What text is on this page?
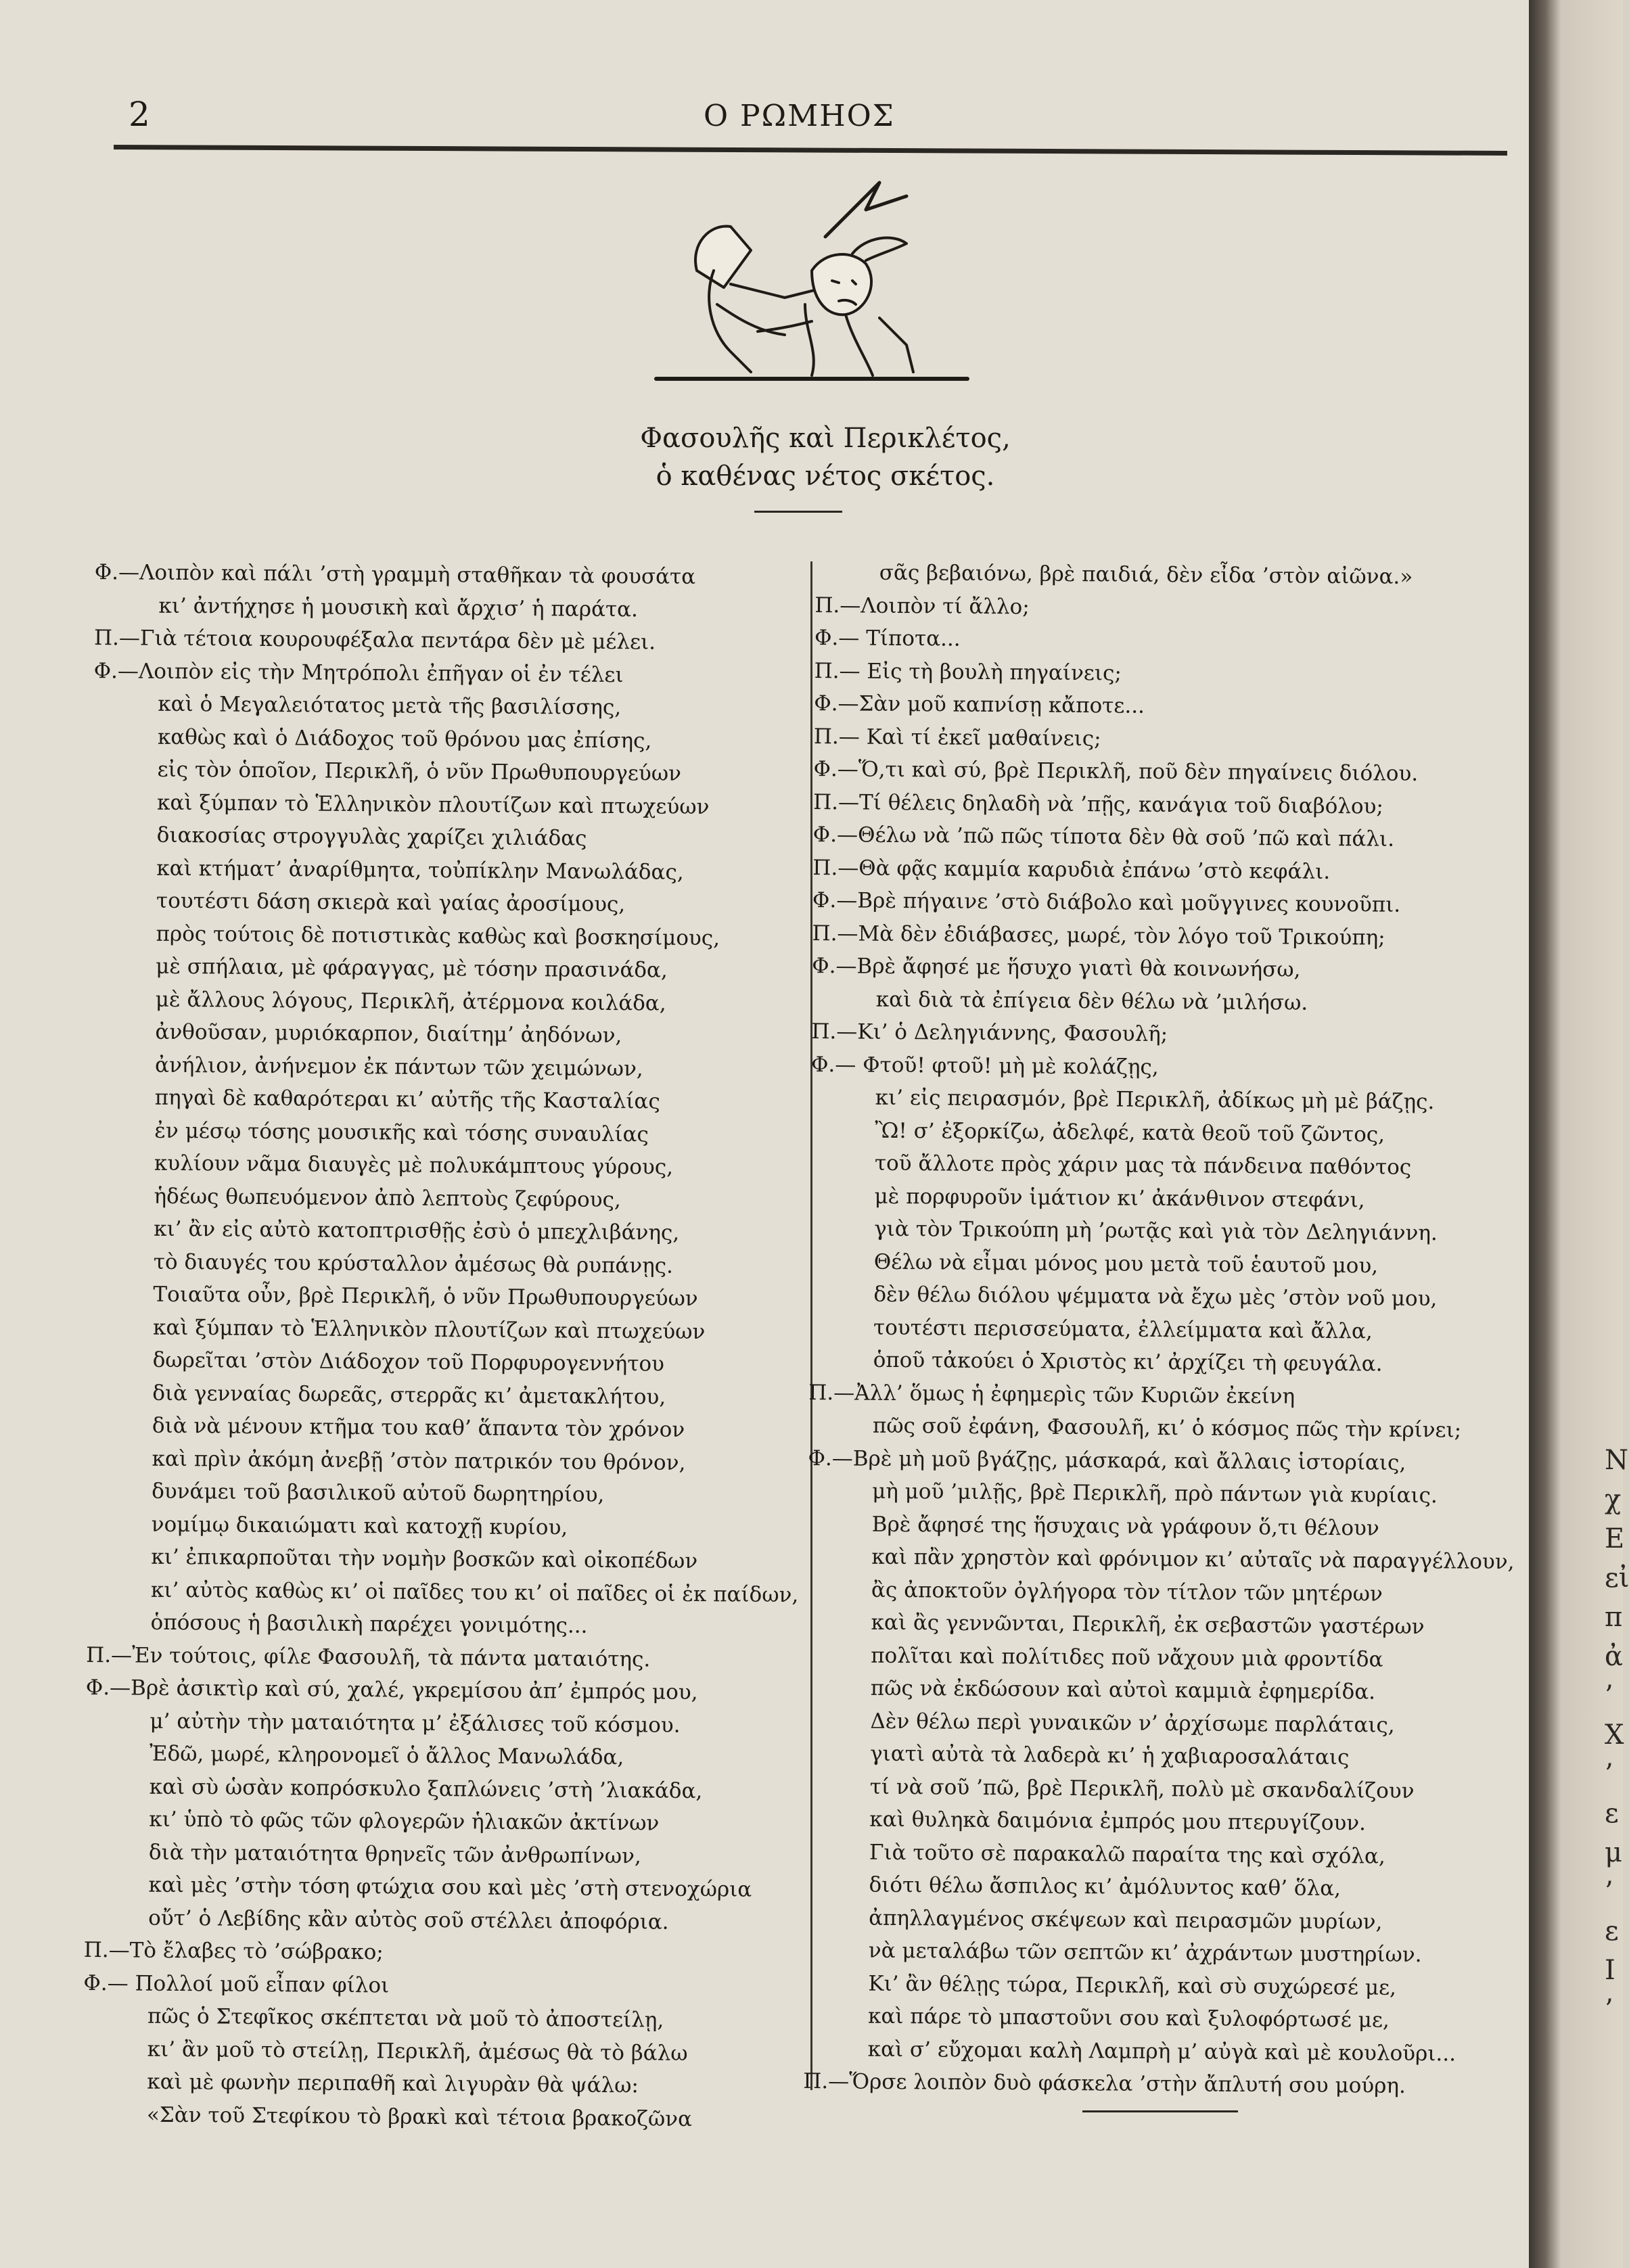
2	Ο ΡΩΜΗΟΣ
Φασουλῆς καὶ Περικλέτος,
ὁ καθένας νέτος σκέτος.
Φ.—Λοιπὸν καὶ πάλι ’στὴ γραμμὴ σταθῆκαν τὰ φουσάτα
κι’ ἀντήχησε ἡ μουσικὴ καὶ ἄρχισ’ ἡ παράτα.
Π.—Γιὰ τέτοια κουρουφέξαλα πεντάρα δὲν μὲ μέλει.
Φ.—Λοιπὸν εἰς τὴν Μητρόπολι ἐπῆγαν οἱ ἐν τέλει
καὶ ὁ Μεγαλειότατος μετὰ τῆς βασιλίσσης,
καθὼς καὶ ὁ Διάδοχος τοῦ θρόνου μας ἐπίσης,
εἰς τὸν ὁποῖον, Περικλῆ, ὁ νῦν Πρωθυπουργεύων
καὶ ξύμπαν τὸ Ἑλληνικὸν πλουτίζων καὶ πτωχεύων
διακοσίας στρογγυλὰς χαρίζει χιλιάδας
καὶ κτήματ’ ἀναρίθμητα, τοὐπίκλην Μανωλάδας,
τουτέστι δάση σκιερὰ καὶ γαίας ἀροσίμους,
πρὸς τούτοις δὲ ποτιστικὰς καθὼς καὶ βοσκησίμους,
μὲ σπήλαια, μὲ φάραγγας, μὲ τόσην πρασινάδα,
μὲ ἄλλους λόγους, Περικλῆ, ἀτέρμονα κοιλάδα,
ἀνθοῦσαν, μυριόκαρπον, διαίτημ’ ἀηδόνων,
ἀνήλιον, ἀνήνεμον ἐκ πάντων τῶν χειμώνων,
πηγαὶ δὲ καθαρότεραι κι’ αὐτῆς τῆς Κασταλίας
ἐν μέσῳ τόσης μουσικῆς καὶ τόσης συναυλίας
κυλίουν νᾶμα διαυγὲς μὲ πολυκάμπτους γύρους,
ἡδέως θωπευόμενον ἀπὸ λεπτοὺς ζεφύρους,
κι’ ἂν εἰς αὐτὸ κατοπτρισθῇς ἐσὺ ὁ μπεχλιβάνης,
τὸ διαυγές του κρύσταλλον ἀμέσως θὰ ρυπάνῃς.
Τοιαῦτα οὖν, βρὲ Περικλῆ, ὁ νῦν Πρωθυπουργεύων
καὶ ξύμπαν τὸ Ἑλληνικὸν πλουτίζων καὶ πτωχεύων
δωρεῖται ’στὸν Διάδοχον τοῦ Πορφυρογεννήτου
διὰ γενναίας δωρεᾶς, στερρᾶς κι’ ἀμετακλήτου,
διὰ νὰ μένουν κτῆμα του καθ’ ἅπαντα τὸν χρόνον
καὶ πρὶν ἀκόμη ἀνεβῇ ’στὸν πατρικόν του θρόνον,
δυνάμει τοῦ βασιλικοῦ αὐτοῦ δωρητηρίου,
νομίμῳ δικαιώματι καὶ κατοχῇ κυρίου,
κι’ ἐπικαρποῦται τὴν νομὴν βοσκῶν καὶ οἰκοπέδων
κι’ αὐτὸς καθὼς κι’ οἱ παῖδες του κι’ οἱ παῖδες οἱ ἐκ παίδων,
ὁπόσους ἡ βασιλικὴ παρέχει γονιμότης...
Π.—Ἐν τούτοις, φίλε Φασουλῆ, τὰ πάντα ματαιότης.
Φ.—Βρὲ ἀσικτὶρ καὶ σύ, χαλέ, γκρεμίσου ἀπ’ ἐμπρός μου,
μ’ αὐτὴν τὴν ματαιότητα μ’ ἐξάλισες τοῦ κόσμου.
Ἐδῶ, μωρέ, κληρονομεῖ ὁ ἄλλος Μανωλάδα,
καὶ σὺ ὡσὰν κοπρόσκυλο ξαπλώνεις ’στὴ ’λιακάδα,
κι’ ὑπὸ τὸ φῶς τῶν φλογερῶν ἡλιακῶν ἀκτίνων
διὰ τὴν ματαιότητα θρηνεῖς τῶν ἀνθρωπίνων,
καὶ μὲς ’στὴν τόση φτώχια σου καὶ μὲς ’στὴ στενοχώρια
οὔτ’ ὁ Λεβίδης κἂν αὐτὸς σοῦ στέλλει ἀποφόρια.
Π.—Τὸ ἔλαβες τὸ ’σώβρακο;
Φ.— Πολλοί μοῦ εἶπαν φίλοι
πῶς ὁ Στεφῖκος σκέπτεται νὰ μοῦ τὸ ἀποστείλῃ,
κι’ ἂν μοῦ τὸ στείλῃ, Περικλῆ, ἀμέσως θὰ τὸ βάλω
καὶ μὲ φωνὴν περιπαθῆ καὶ λιγυρὰν θὰ ψάλω:
«Σὰν τοῦ Στεφίκου τὸ βρακὶ καὶ τέτοια βρακοζῶνα
σᾶς βεβαιόνω, βρὲ παιδιά, δὲν εἶδα ’στὸν αἰῶνα.»
Π.—Λοιπὸν τί ἄλλο;
Φ.— Τίποτα...
Π.— Εἰς τὴ βουλὴ πηγαίνεις;
Φ.—Σὰν μοῦ καπνίσῃ κἄποτε...
Π.— Καὶ τί ἐκεῖ μαθαίνεις;
Φ.—Ὅ,τι καὶ σύ, βρὲ Περικλῆ, ποῦ δὲν πηγαίνεις διόλου.
Π.—Τί θέλεις δηλαδὴ νὰ ’πῇς, κανάγια τοῦ διαβόλου;
Φ.—Θέλω νὰ ’πῶ πῶς τίποτα δὲν θὰ σοῦ ’πῶ καὶ πάλι.
Π.—Θὰ φᾷς καμμία καρυδιὰ ἐπάνω ’στὸ κεφάλι.
Φ.—Βρὲ πήγαινε ’στὸ διάβολο καὶ μοῦγγινες κουνοῦπι.
Π.—Μὰ δὲν ἐδιάβασες, μωρέ, τὸν λόγο τοῦ Τρικούπη;
Φ.—Βρὲ ἄφησέ με ἥσυχο γιατὶ θὰ κοινωνήσω,
καὶ διὰ τὰ ἐπίγεια δὲν θέλω νὰ ’μιλήσω.
Π.—Κι’ ὁ Δεληγιάννης, Φασουλῆ;
Φ.— Φτοῦ! φτοῦ! μὴ μὲ κολάζῃς,
κι’ εἰς πειρασμόν, βρὲ Περικλῆ, ἀδίκως μὴ μὲ βάζῃς.
Ὢ! σ’ ἐξορκίζω, ἀδελφέ, κατὰ θεοῦ τοῦ ζῶντος,
τοῦ ἄλλοτε πρὸς χάριν μας τὰ πάνδεινα παθόντος
μὲ πορφυροῦν ἱμάτιον κι’ ἀκάνθινον στεφάνι,
γιὰ τὸν Τρικούπη μὴ ’ρωτᾷς καὶ γιὰ τὸν Δεληγιάννη.
Θέλω νὰ εἶμαι μόνος μου μετὰ τοῦ ἑαυτοῦ μου,
δὲν θέλω διόλου ψέμματα νὰ ἔχω μὲς ’στὸν νοῦ μου,
τουτέστι περισσεύματα, ἐλλείμματα καὶ ἄλλα,
ὁποῦ τἀκούει ὁ Χριστὸς κι’ ἀρχίζει τὴ φευγάλα.
Π.—Ἀλλ’ ὅμως ἡ ἐφημερὶς τῶν Κυριῶν ἐκείνη
πῶς σοῦ ἐφάνη, Φασουλῆ, κι’ ὁ κόσμος πῶς τὴν κρίνει;
Φ.—Βρὲ μὴ μοῦ βγάζῃς, μάσκαρά, καὶ ἄλλαις ἱστορίαις,
μὴ μοῦ ’μιλῇς, βρὲ Περικλῆ, πρὸ πάντων γιὰ κυρίαις.
Βρὲ ἄφησέ της ἥσυχαις νὰ γράφουν ὅ,τι θέλουν
καὶ πἂν χρηστὸν καὶ φρόνιμον κι’ αὐταῖς νὰ παραγγέλλουν,
ἂς ἀποκτοῦν ὀγλήγορα τὸν τίτλον τῶν μητέρων
καὶ ἂς γεννῶνται, Περικλῆ, ἐκ σεβαστῶν γαστέρων
πολῖται καὶ πολίτιδες ποῦ νἄχουν μιὰ φροντίδα
πῶς νὰ ἐκδώσουν καὶ αὐτοὶ καμμιὰ ἐφημερίδα.
Δὲν θέλω περὶ γυναικῶν ν’ ἀρχίσωμε παρλάταις,
γιατὶ αὐτὰ τὰ λαδερὰ κι’ ἡ χαβιαροσαλάταις
τί νὰ σοῦ ’πῶ, βρὲ Περικλῆ, πολὺ μὲ σκανδαλίζουν
καὶ θυληκὰ δαιμόνια ἐμπρός μου πτερυγίζουν.
Γιὰ τοῦτο σὲ παρακαλῶ παραίτα της καὶ σχόλα,
διότι θέλω ἄσπιλος κι’ ἀμόλυντος καθ’ ὅλα,
ἀπηλλαγμένος σκέψεων καὶ πειρασμῶν μυρίων,
νὰ μεταλάβω τῶν σεπτῶν κι’ ἀχράντων μυστηρίων.
Κι’ ἂν θέλῃς τώρα, Περικλῆ, καὶ σὺ συχώρεσέ με,
καὶ πάρε τὸ μπαστοῦνι σου καὶ ξυλοφόρτωσέ με,
καὶ σ’ εὔχομαι καλὴ Λαμπρὴ μ’ αὐγὰ καὶ μὲ κουλοῦρι...
Π.—Ὅρσε λοιπὸν δυὸ φάσκελα ’στὴν ἄπλυτή σου μούρη.
Ν
χ
Ε
εἰ
π
ἀ
’
Χ
’
ε
μ
’
ε
Ι
’
